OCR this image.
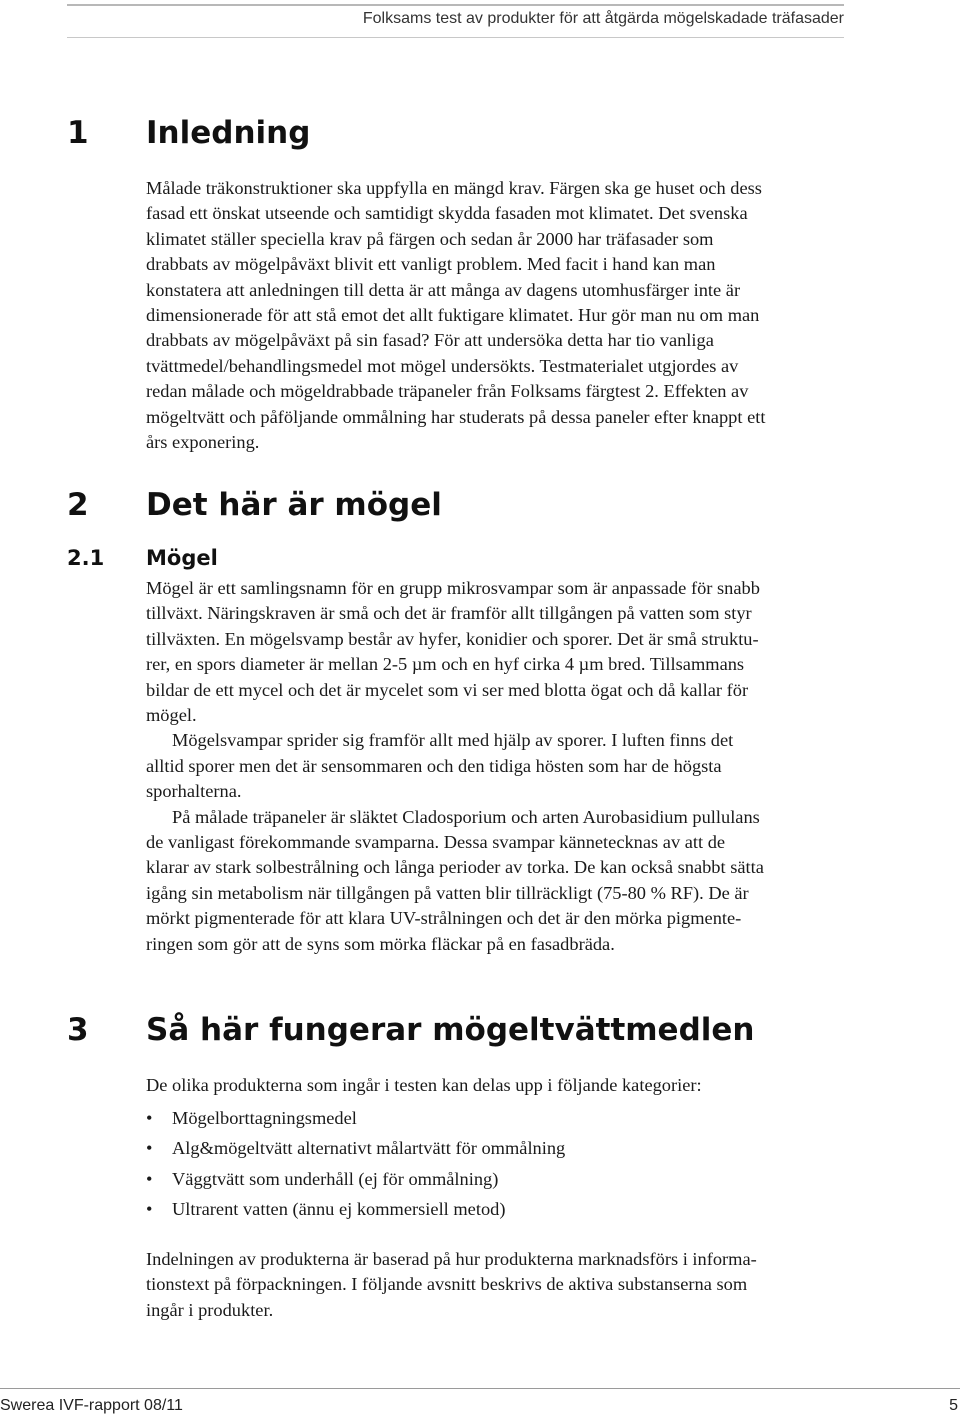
Folksams test av produkter för att åtgärda mögelskadade träfasader
1 Inledning
Målade träkonstruktioner ska uppfylla en mängd krav. Färgen ska ge huset och dess
fasad ett önskat utseende och samtidigt skydda fasaden mot klimatet. Det svenska
klimatet ställer speciella krav på färgen och sedan år 2000 har träfasader som
drabbats av mögelpåväxt blivit ett vanligt problem. Med facit i hand kan man
konstatera att anledningen till detta är att många av dagens utomhusfärger inte är
dimensionerade för att stå emot det allt fuktigare klimatet. Hur gör man nu om man
drabbats av mögelpåväxt på sin fasad? För att undersöka detta har tio vanliga
tvättmedel/behandlingsmedel mot mögel undersökts. Testmaterialet utgjordes av
redan målade och mögeldrabbade träpaneler från Folksams färgtest 2. Effekten av
mögeltvätt och påföljande ommålning har studerats på dessa paneler efter knappt ett
års exponering.
2 Det här är mögel
2.1 Mögel
Mögel är ett samlingsnamn för en grupp mikrosvampar som är anpassade för snabb
tillväxt. Näringskraven är små och det är framför allt tillgången på vatten som styr
tillväxten. En mögelsvamp består av hyfer, konidier och sporer. Det är små struktu-
rer, en spors diameter är mellan 2-5 µm och en hyf cirka 4 µm bred. Tillsammans
bildar de ett mycel och det är mycelet som vi ser med blotta ögat och då kallar för
mögel.
Mögelsvampar sprider sig framför allt med hjälp av sporer. I luften finns det
alltid sporer men det är sensommaren och den tidiga hösten som har de högsta
sporhalterna.
På målade träpaneler är släktet Cladosporium och arten Aurobasidium pullulans
de vanligast förekommande svamparna. Dessa svampar kännetecknas av att de
klarar av stark solbestrålning och långa perioder av torka. De kan också snabbt sätta
igång sin metabolism när tillgången på vatten blir tillräckligt (75-80 % RF). De är
mörkt pigmenterade för att klara UV-strålningen och det är den mörka pigmente-
ringen som gör att de syns som mörka fläckar på en fasadbräda.
3 Så här fungerar mögeltvättmedlen
De olika produkterna som ingår i testen kan delas upp i följande kategorier:
• Mögelborttagningsmedel
• Alg&mögeltvätt alternativt målartvätt för ommålning
• Väggtvätt som underhåll (ej för ommålning)
• Ultrarent vatten (ännu ej kommersiell metod)
Indelningen av produkterna är baserad på hur produkterna marknadsförs i informa-
tionstext på förpackningen. I följande avsnitt beskrivs de aktiva substanserna som
ingår i produkter.
Swerea IVF-rapport 08/11	5
